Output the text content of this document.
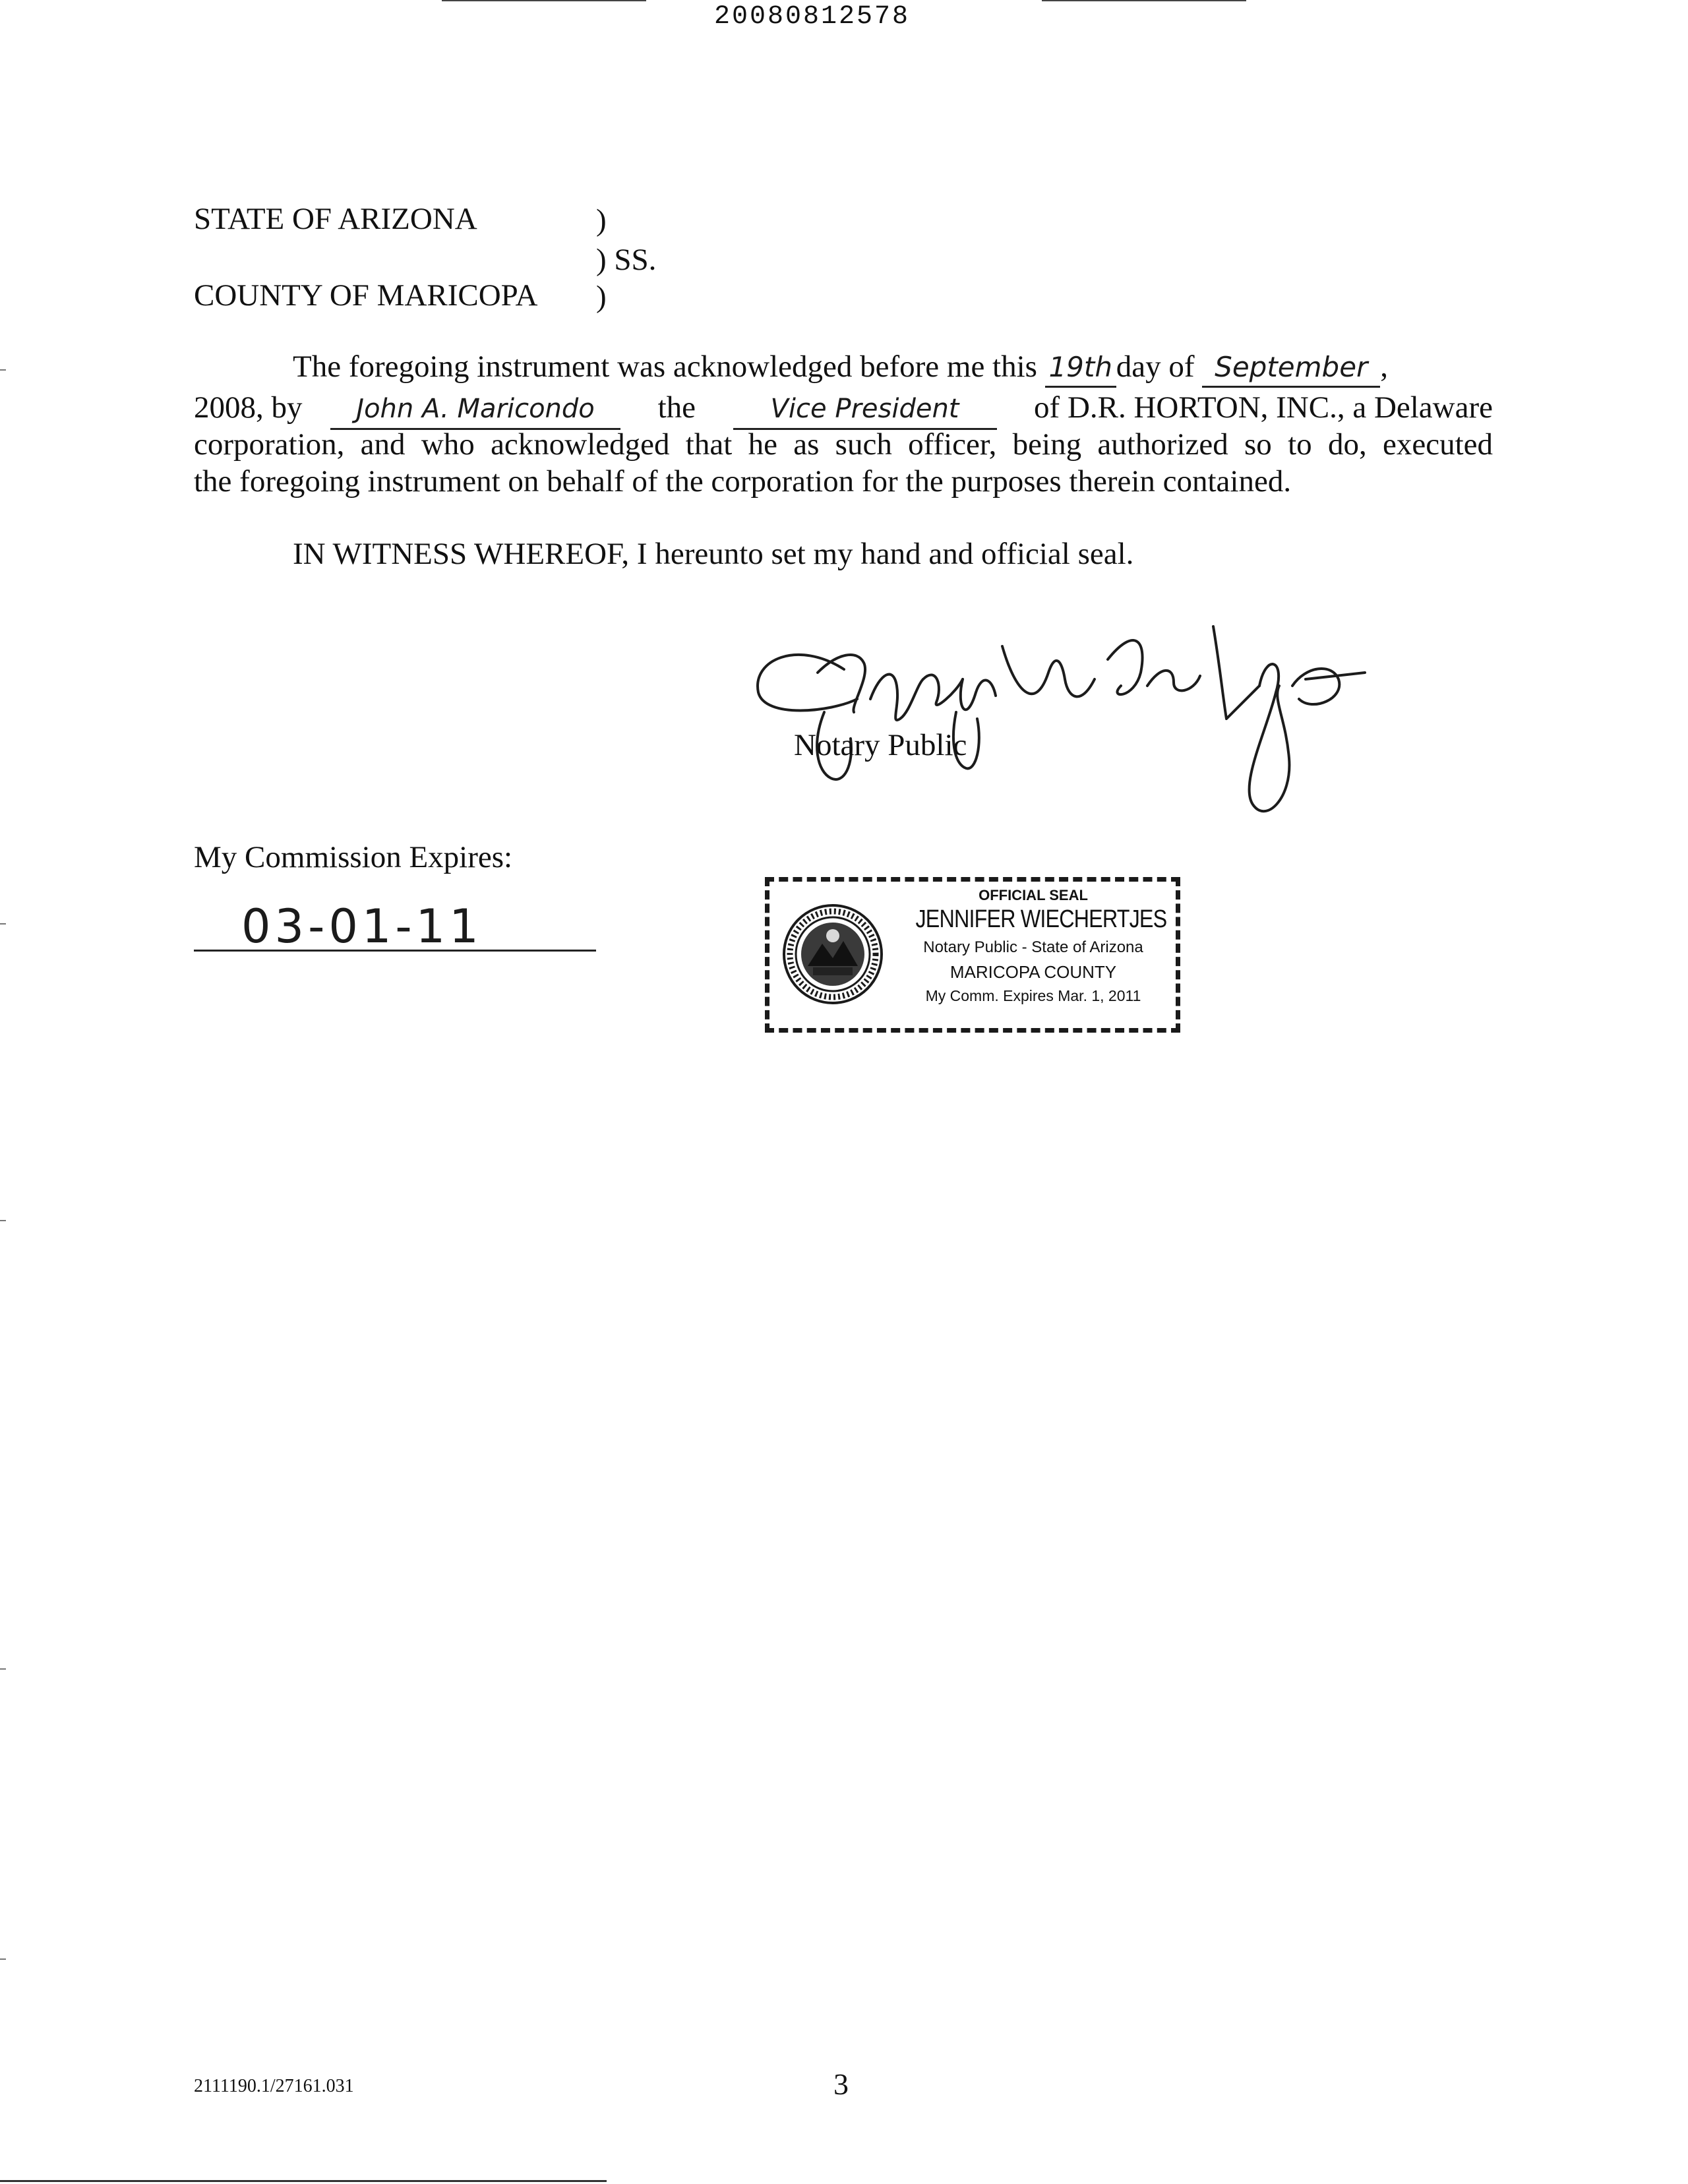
20080812578
STATE OF ARIZONA	)
) SS.
COUNTY OF MARICOPA )
The foregoing instrument was acknowledged before me this 19th day of September ,
2008, by	John A. Maricondo	the	Vice President	of D.R. HORTON, INC., a Delaware
corporation, and who acknowledged that he as such officer, being authorized so to do, executed
the foregoing instrument on behalf of the corporation for the purposes therein contained.
IN WITNESS WHEREOF, I hereunto set my hand and official seal.
Notary Public
My Commission Expires:
03-01-11
OFFICIAL SEAL
JENNIFER WIECHERTJES
Notary Public - State of Arizona
MARICOPA COUNTY
My Comm. Expires Mar. 1, 2011
2111190.1/27161.031	3
